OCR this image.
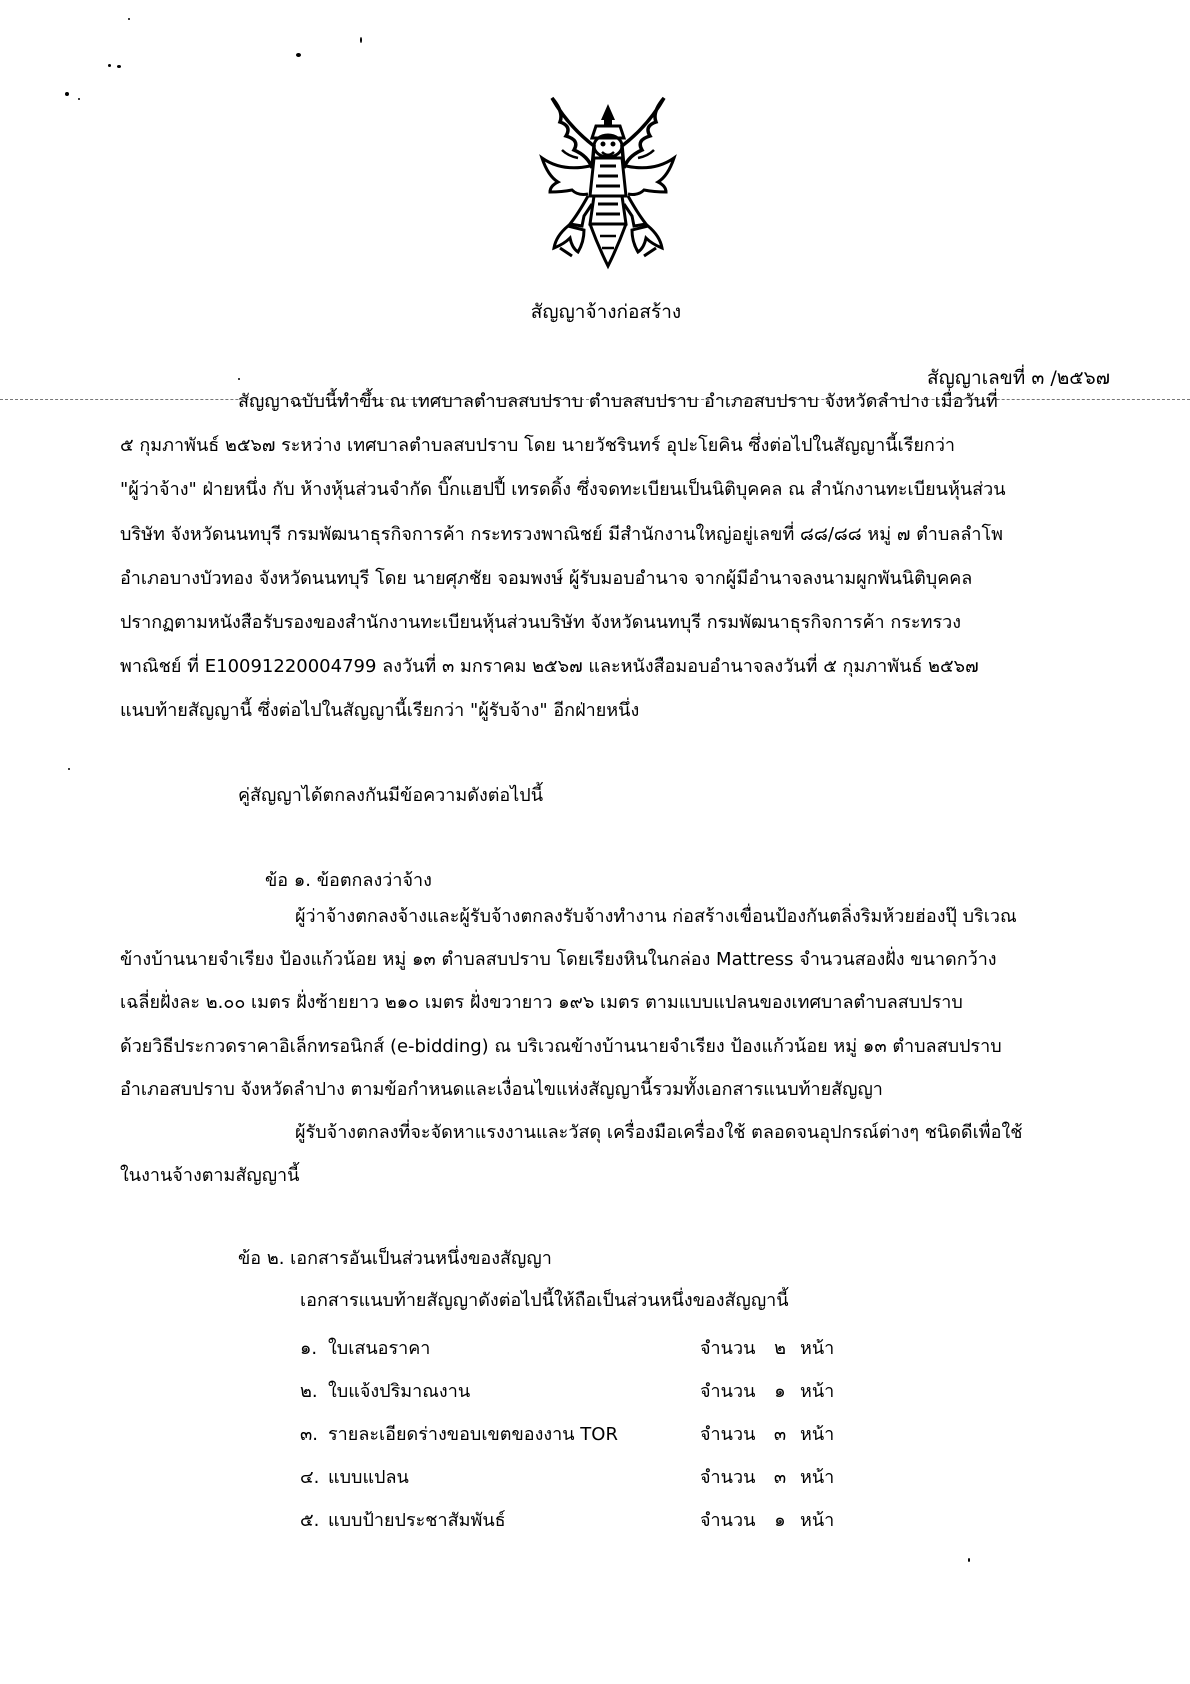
สัญญาจ้างก่อสร้าง
สัญญาเลขที่ ๓ /๒๕๖๗
สัญญาฉบับนี้ทำขึ้น ณ เทศบาลตำบลสบปราบ ตำบลสบปราบ อำเภอสบปราบ จังหวัดลำปาง เมื่อวันที่
๕ กุมภาพันธ์ ๒๕๖๗ ระหว่าง เทศบาลตำบลสบปราบ โดย นายวัชรินทร์ อุปะโยคิน ซึ่งต่อไปในสัญญานี้เรียกว่า
"ผู้ว่าจ้าง" ฝ่ายหนึ่ง กับ ห้างหุ้นส่วนจำกัด บิ๊กแฮปปี้ เทรดดิ้ง ซึ่งจดทะเบียนเป็นนิติบุคคล ณ สำนักงานทะเบียนหุ้นส่วน
บริษัท จังหวัดนนทบุรี กรมพัฒนาธุรกิจการค้า กระทรวงพาณิชย์ มีสำนักงานใหญ่อยู่เลขที่ ๘๘/๘๘ หมู่ ๗ ตำบลลำโพ
อำเภอบางบัวทอง จังหวัดนนทบุรี โดย นายศุภชัย จอมพงษ์ ผู้รับมอบอำนาจ จากผู้มีอำนาจลงนามผูกพันนิติบุคคล
ปรากฏตามหนังสือรับรองของสำนักงานทะเบียนหุ้นส่วนบริษัท จังหวัดนนทบุรี กรมพัฒนาธุรกิจการค้า กระทรวง
พาณิชย์ ที่ E10091220004799 ลงวันที่ ๓ มกราคม ๒๕๖๗ และหนังสือมอบอำนาจลงวันที่ ๕ กุมภาพันธ์ ๒๕๖๗
แนบท้ายสัญญานี้ ซึ่งต่อไปในสัญญานี้เรียกว่า "ผู้รับจ้าง" อีกฝ่ายหนึ่ง
คู่สัญญาได้ตกลงกันมีข้อความดังต่อไปนี้
ข้อ ๑. ข้อตกลงว่าจ้าง
ผู้ว่าจ้างตกลงจ้างและผู้รับจ้างตกลงรับจ้างทำงาน ก่อสร้างเขื่อนป้องกันตลิ่งริมห้วยฮ่องปุ๊ บริเวณ
ข้างบ้านนายจำเรียง ป้องแก้วน้อย หมู่ ๑๓ ตำบลสบปราบ โดยเรียงหินในกล่อง Mattress จำนวนสองฝั่ง ขนาดกว้าง
เฉลี่ยฝั่งละ ๒.๐๐ เมตร ฝั่งซ้ายยาว ๒๑๐ เมตร ฝั่งขวายาว ๑๙๖ เมตร ตามแบบแปลนของเทศบาลตำบลสบปราบ
ด้วยวิธีประกวดราคาอิเล็กทรอนิกส์ (e-bidding) ณ บริเวณข้างบ้านนายจำเรียง ป้องแก้วน้อย หมู่ ๑๓ ตำบลสบปราบ
อำเภอสบปราบ จังหวัดลำปาง ตามข้อกำหนดและเงื่อนไขแห่งสัญญานี้รวมทั้งเอกสารแนบท้ายสัญญา
ผู้รับจ้างตกลงที่จะจัดหาแรงงานและวัสดุ เครื่องมือเครื่องใช้ ตลอดจนอุปกรณ์ต่างๆ ชนิดดีเพื่อใช้
ในงานจ้างตามสัญญานี้
ข้อ ๒. เอกสารอันเป็นส่วนหนึ่งของสัญญา
เอกสารแนบท้ายสัญญาดังต่อไปนี้ให้ถือเป็นส่วนหนึ่งของสัญญานี้
๑. ใบเสนอราคา	จำนวน ๒ หน้า
๒. ใบแจ้งปริมาณงาน	จำนวน ๑ หน้า
๓. รายละเอียดร่างขอบเขตของงาน TOR	จำนวน ๓ หน้า
๔. แบบแปลน	จำนวน ๓ หน้า
๕. แบบป้ายประชาสัมพันธ์	จำนวน ๑ หน้า
